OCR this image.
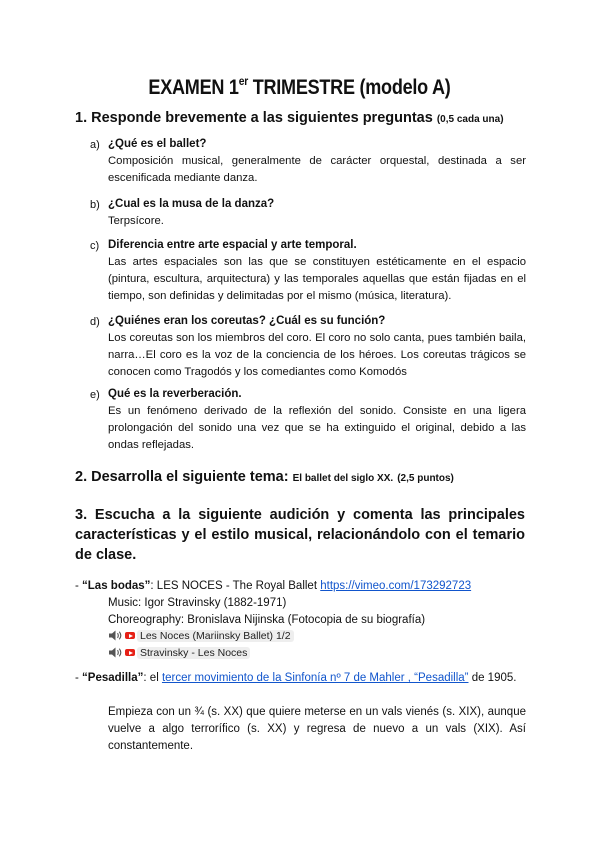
EXAMEN 1er TRIMESTRE (modelo A)
1. Responde brevemente a las siguientes preguntas (0,5 cada una)
a) ¿Qué es el ballet?
Composición musical, generalmente de carácter orquestal, destinada a ser escenificada mediante danza.
b) ¿Cual es la musa de la danza?
Terpsícore.
c) Diferencia entre arte espacial y arte temporal.
Las artes espaciales son las que se constituyen estéticamente en el espacio (pintura, escultura, arquitectura) y las temporales aquellas que están fijadas en el tiempo, son definidas y delimitadas por el mismo (música, literatura).
d) ¿Quiénes eran los coreutas? ¿Cuál es su función?
Los coreutas son los miembros del coro. El coro no solo canta, pues también baila, narra…El coro es la voz de la conciencia de los héroes. Los coreutas trágicos se conocen como Tragodós y los comediantes como Komodós
e) Qué es la reverberación.
Es un fenómeno derivado de la reflexión del sonido. Consiste en una ligera prolongación del sonido una vez que se ha extinguido el original, debido a las ondas reflejadas.
2. Desarrolla el siguiente tema: El ballet del siglo XX. (2,5 puntos)
3. Escucha a la siguiente audición y comenta las principales características y el estilo musical, relacionándolo con el temario de clase.
- “Las bodas”: LES NOCES - The Royal Ballet https://vimeo.com/173292723
Music: Igor Stravinsky (1882-1971)
Choreography: Bronislava Nijinska (Fotocopia de su biografía)
Les Noces (Mariinsky Ballet) 1/2
Stravinsky - Les Noces
- “Pesadilla”: el tercer movimiento de la Sinfonía nº 7 de Mahler , “Pesadilla” de 1905.
Empieza con un ¾ (s. XX) que quiere meterse en un vals vienés (s. XIX), aunque vuelve a algo terrorífico (s. XX) y regresa de nuevo a un vals (XIX). Así constantemente.
